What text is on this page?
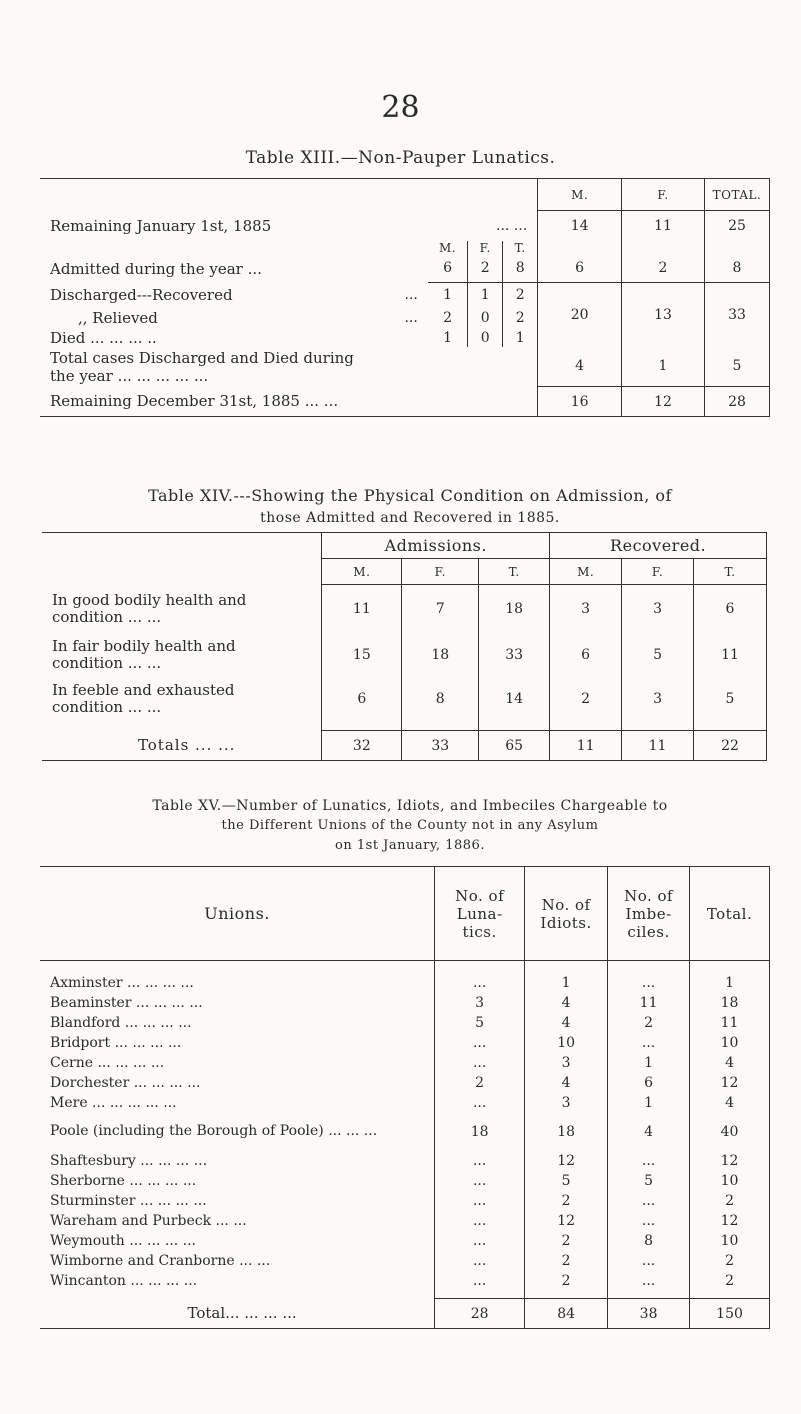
28
Table XIII.—Non-Pauper Lunatics.
					M.	F.	TOTAL.
Remaining January 1st, 1885	... ...				14	11	25
		M.	F.	T.			
Admitted during the year ...		6	2	8	6	2	8
Discharged---Recovered	...	1	1	2	20	13	33
,, Relieved	...	2	0	2			
Died ... ... ... ..		1	0	1			

Total cases Discharged and Died during
the year ... ... ... ... ...					4	1	5
Remaining December 31st, 1885 ... ...					16	12	28
Table XIV.---Showing the Physical Condition on Admission, of
those Admitted and Recovered in 1885.
	Admissions.			Recovered.		
	M.	F.	T.	M.	F.	T.

In good bodily health and
condition ... ...	11	7	18	3	3	6

In fair bodily health and
condition ... ...	15	18	33	6	5	11

In feeble and exhausted
condition ... ...	6	8	14	2	3	5

Totals ... ...	32	33	65	11	11	22
Table XV.—Number of Lunatics, Idiots, and Imbeciles Chargeable to
the Different Unions of the County not in any Asylum
on 1st January, 1886.
Unions.	No. of Luna- tics.	No. of Idiots.	No. of Imbe- ciles.	Total.

Axminster ... ... ... ...	...	1	...	1
Beaminster ... ... ... ...	3	4	11	18
Blandford ... ... ... ...	5	4	2	11
Bridport ... ... ... ...	...	10	...	10
Cerne ... ... ... ...	...	3	1	4
Dorchester ... ... ... ...	2	4	6	12
Mere ... ... ... ... ...	...	3	1	4
Poole (including the Borough of Poole) ... ... ...	18	18	4	40
Shaftesbury ... ... ... ...	...	12	...	12
Sherborne ... ... ... ...	...	5	5	10
Sturminster ... ... ... ...	...	2	...	2
Wareham and Purbeck ... ...	...	12	...	12
Weymouth ... ... ... ...	...	2	8	10
Wimborne and Cranborne ... ...	...	2	...	2
Wincanton ... ... ... ...	...	2	...	2

Total... ... ... ...	28	84	38	150
